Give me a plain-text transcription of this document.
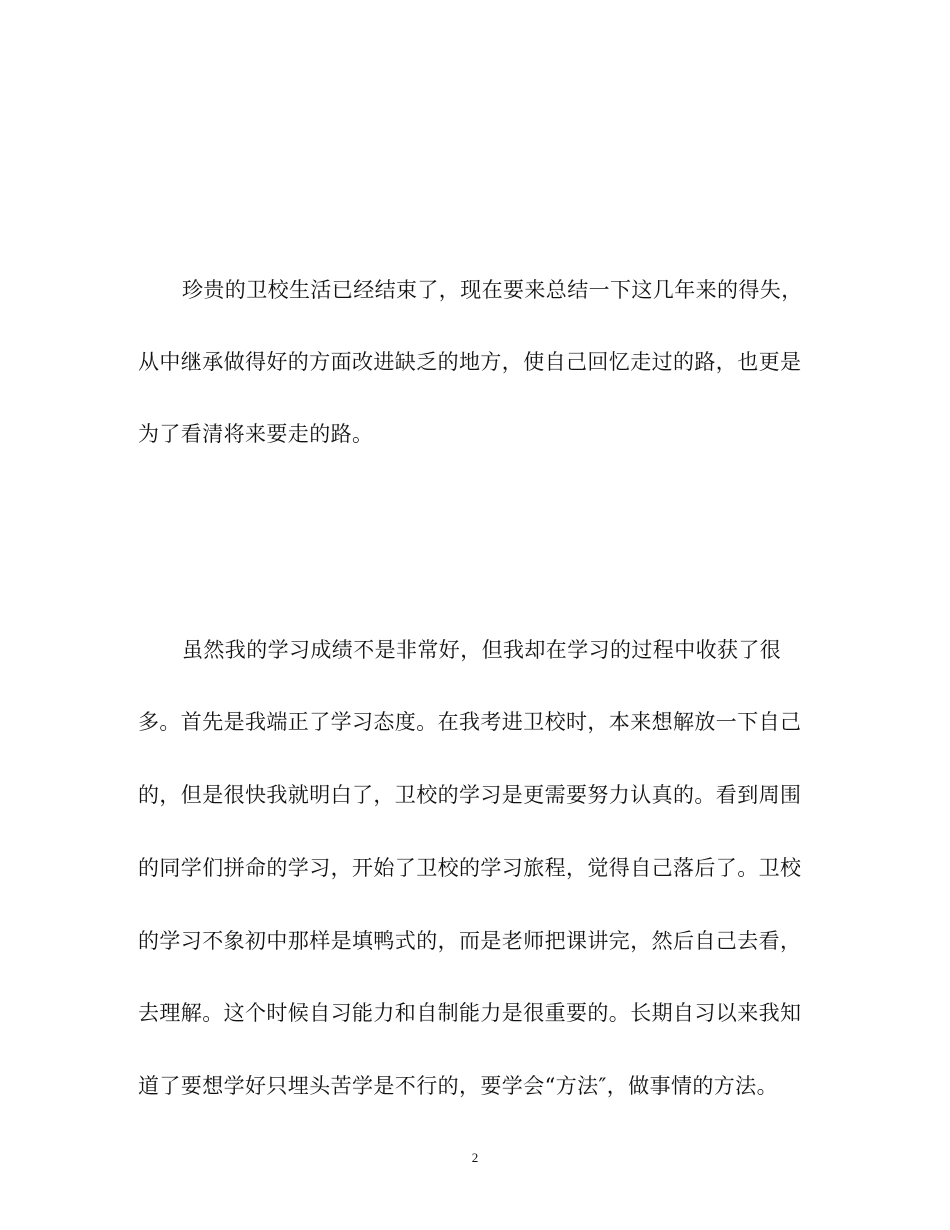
珍贵的卫校生活已经结束了，现在要来总结一下这几年来的得失，
从中继承做得好的方面改进缺乏的地方，使自己回忆走过的路，也更是
为了看清将来要走的路。
虽然我的学习成绩不是非常好，但我却在学习的过程中收获了很
多。首先是我端正了学习态度。在我考进卫校时，本来想解放一下自己
的，但是很快我就明白了，卫校的学习是更需要努力认真的。看到周围
的同学们拼命的学习，开始了卫校的学习旅程，觉得自己落后了。卫校
的学习不象初中那样是填鸭式的，而是老师把课讲完，然后自己去看，
去理解。这个时候自习能力和自制能力是很重要的。长期自习以来我知
道了要想学好只埋头苦学是不行的，要学会“方法″，做事情的方法。
2
